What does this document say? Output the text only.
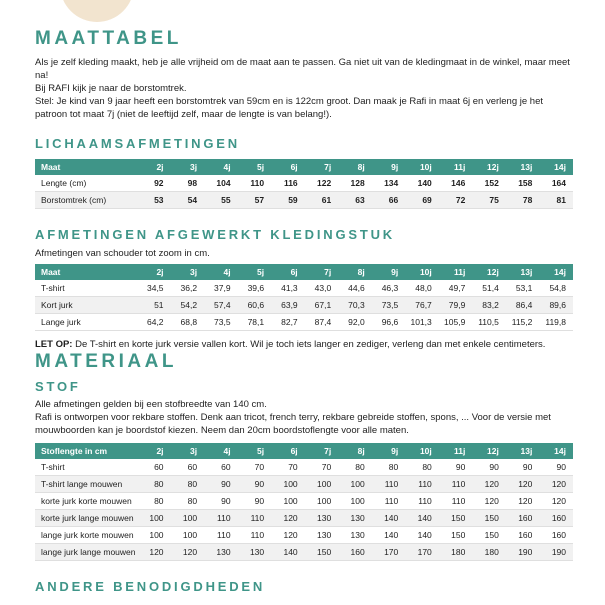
MAATTABEL

Als je zelf kleding maakt, heb je alle vrijheid om de maat aan te passen. Ga niet uit van de kledingmaat in de winkel, maar meet na!

Bij RAFI kijk je naar de borstomtrek.

Stel: Je kind van 9 jaar heeft een borstomtrek van 59cm en is 122cm groot. Dan maak je Rafi in maat 6j en verleng je het patroon tot maat 7j (niet de leeftijd zelf, maar de lengte is van belang!).

LICHAAMSAFMETINGEN
Maat	2j	3j	4j	5j	6j	7j	8j	9j	10j	11j	12j	13j	14j
Lengte (cm)	92	98	104	110	116	122	128	134	140	146	152	158	164
Borstomtrek (cm)	53	54	55	57	59	61	63	66	69	72	75	78	81
AFMETINGEN AFGEWERKT KLEDINGSTUK

Afmetingen van schouder tot zoom in cm.

Maat	2j	3j	4j	5j	6j	7j	8j	9j	10j	11j	12j	13j	14j
T-shirt	34,5	36,2	37,9	39,6	41,3	43,0	44,6	46,3	48,0	49,7	51,4	53,1	54,8
Kort jurk	51	54,2	57,4	60,6	63,9	67,1	70,3	73,5	76,7	79,9	83,2	86,4	89,6
Lange jurk	64,2	68,8	73,5	78,1	82,7	87,4	92,0	96,6	101,3	105,9	110,5	115,2	119,8

LET OP: De T-shirt en korte jurk versie vallen kort. Wil je toch iets langer en zediger, verleng dan met enkele centimeters.

MATERIAAL
STOF

Alle afmetingen gelden bij een stofbreedte van 140 cm.

Rafi is ontworpen voor rekbare stoffen. Denk aan tricot, french terry, rekbare gebreide stoffen, spons, ... Voor de versie met mouwboorden kan je boordstof kiezen. Neem dan 20cm boordstoflengte voor alle maten.

Stoflengte in cm	2j	3j	4j	5j	6j	7j	8j	9j	10j	11j	12j	13j	14j
T-shirt	60	60	60	70	70	70	80	80	80	90	90	90	90
T-shirt lange mouwen	80	80	90	90	100	100	100	110	110	110	120	120	120
korte jurk korte mouwen	80	80	90	90	100	100	100	110	110	110	120	120	120
korte jurk lange mouwen	100	100	110	110	120	130	130	140	140	150	150	160	160
lange jurk korte mouwen	100	100	110	110	120	130	130	140	140	150	150	160	160
lange jurk lange mouwen	120	120	130	130	140	150	160	170	170	180	180	190	190
ANDERE BENODIGDHEDEN
